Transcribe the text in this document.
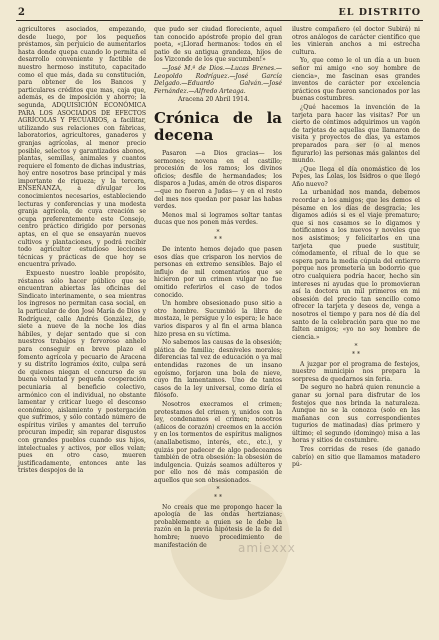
2	EL DISTRITO

agricultores asociados, empezando, desde luego, por los pequeños préstamos, sin perjuicio de aumentarlos hasta donde quepa cuando lo permita el desarrollo conveniente y factible de nuestro hermoso instituto, capacitado como el que más, dada su constitución, para obtener de los Bancos y particulares créditos que mas, caja que, además, es de imposición y ahorro; la segunda, ADQUISICIÓN ECONÓMICA PARA LOS ASOCIADOS DE EFECTOS AGRÍCOLAS Y PECUARIOS, a facilitar, utilizando sus relaciones con fábricas, laboratorios, agricultores, ganaderos y granjas agrícolas, al menor precio posible, selectos y garantizados abonos, plantas, semillas, animales y cuantos requiere el fomento de dichas industrias, hoy entre nosotros base principal y más importante de riqueza; y la tercera, ENSEÑANZA, a divulgar los conocimientos necesarios, estableciendo lecturas y conferencias y una modesta granja agrícola, de cuya creación se ocupa preferentemente este Consejo, centro práctico dirigido por personas aptas, en el que se ensayarán nuevos cultivos y plantaciones, y podrá recibir todo agricultor estudioso lecciones técnicas y prácticas de que hoy se encuentra privado.

Expuesto nuestro loable propósito, réstanos sólo hacer público que se encuentran abiertas las oficinas del Sindicato interinamente, o sea mientras los ingresos no permitan casa social, en la particular de don José María de Dios y Rodríguez, calle Andrés González, de siete a nueve de la noche los días hábiles, y dejar sentado que si con nuestros trabajos y fervoroso anhelo para conseguir en breve plazo el fomento agrícola y pecuario de Aracena y su distrito logramos éxito, culpa será de quienes niegan el concurso de su buena voluntad y pequeña cooperación pecuniaria al beneficio colectivo, armónico con el individual, no obstante lamentar y criticar luego el desconso económico, aislamiento y postergación que sufrimos, y sólo contado número de espíritus viriles y amantes del terruño procuran impedir, sin reparar disgustos con grandes pueblos cuando sus hijos, intelectuales y activos, por ellos velan; pues en otro caso, mueren justificadamente, entonces ante las tristes despojos de la

que pudo ser ciudad floreciente, aquel tan conocido apóstrofe propio del gran poeta, «¡Llorad hermanos: todos en el patio de su antigua grandeza, hijos de los Vizconde de los que sucumben!»

—José M.ª de Dios.—Lucas Brenes.—Leopoldo Rodríguez.—José García Delgado.—Eduardo Galván.—José Fernández.—Alfredo Arteaga.

Aracena 20 Abril 1914.

Crónica de la decena

Pasaron —a Dios gracias— los sermones; novena en el castillo; procesión de los ramos; los divinos oficios; desfile de hermandades; los disparos a Judas, amén de otros disparos —que no fueron a Judas— y en el resto del mes nos quedan por pasar las habas verdes.

Menos mal si logramos soltar tantas ducas que nos ponen más verdes.

*
* *

De intento hemos dejado que pasen esos días que crisparon los nervios de personas en extremo sensibles. Bajo el influjo de mil comentarios que se hicieron por un crimen vulgar no fue omitido referirlos el caso de todos conocido.

Un hombre obsesionado puso sitio a otro hombre. Sucumbió la libra de mostaza, le persigue y lo espera; le hace varios disparos y al fin el arma blanca hizo presa en su víctima.

No sabemos las causas de la obsesión; plática de familia; desniveles morales; diferencias tal vez de educación o ya mal entendidas razones de un insano egoísmo, forjaron una bola de nieve, cuyo fin lamentamos. Uno de tantos casos de la ley universal, como diría el filósofo.

Nosotros execramos el crimen; protestamos del crimen y, unidos con la ley, condenamos el crimen; nosotros (añicos de corazón) creemos en la acción y en los tormentos de espíritus malignos (anallabetismo, interés, etc., etc.), y quizás por padecer de algo padeceamos también de otra obsesión: la obsesión de indulgencia. Quizás seamos adúlteros y por ello nos dé más compasión de aquellos que son obsesionados.

*
* *

No creais que me propongo hacer la apología de las ondas hertzianas; probablemente a quien se le debe la razón en la previa hipótesis de la fe del hombre; nuevo procedimiento de manifestación de

ilustre compañero (el doctor Subirá) ni otros análogos de carácter científico que les vinieran anchos a mi estrecha cultura.

Yo, que como le ol un día a un buen señor mi amigo «no soy hombre de ciencia», me fascinan esas grandes inventos de carácter por excelencia prácticos que fueron sancionados por las buenas costumbres.

¿Qué hacemos la invención de la tarjeta para hacer las visitas? Por un cierto de céntimos adquirimos un vagón de tarjetas de aquellas que llamaron de visita y proyectos de días, ya estamos preparados para ser (o al menos figurarlo) las personas más galantes del mundo.

¿Que llega el día onomástico de los Pepes, las Lolas, los Isidros o que llegó Año nuevo?

La urbanidad nos manda, debemos recordar a los amigos; que les demos el pésame en los días de desgracia; les digamos adiós si es el viaje prematuro; que si nos casamos se lo digamos y notificamos a los nuevos y noveles que nos asistimos; y felicitarlos en una tarjeta que puede sustituir, cómodamente, el ritual de lo que se espera para la media cúpula del entierro porque nos prometería un bodorrio que otro cualquiera podría hacer, hecho sin intereses ni ayudas que lo promovieran así la doctora un mil primeros en mi obsesión del precio tan sencillo como ofrecer la tarjeta y deseos de, venga a nosotros el tiempo y para nos dé día del santo de la celebración para que no me falten amigos; «yo no soy hombre de ciencia.»

*
* *

A juzgar por el programa de festejos, nuestro municipio nos prepara la sorpresa de quedarnos sin feria.

De seguro no habrá quien renuncie a ganar su jornal para disfrutar de los festejos que nos brinda la naturaleza. Aunque no se la conozca (solo en las mañanas con sus correspondientes tugurios de matinadas) días primero y último; el segundo (domingo) misa a las horas y sitios de costumbre.

Tres corridas de reses (de ganado cabrío) en sitio que llamamos matadero pú-

amiexxx
